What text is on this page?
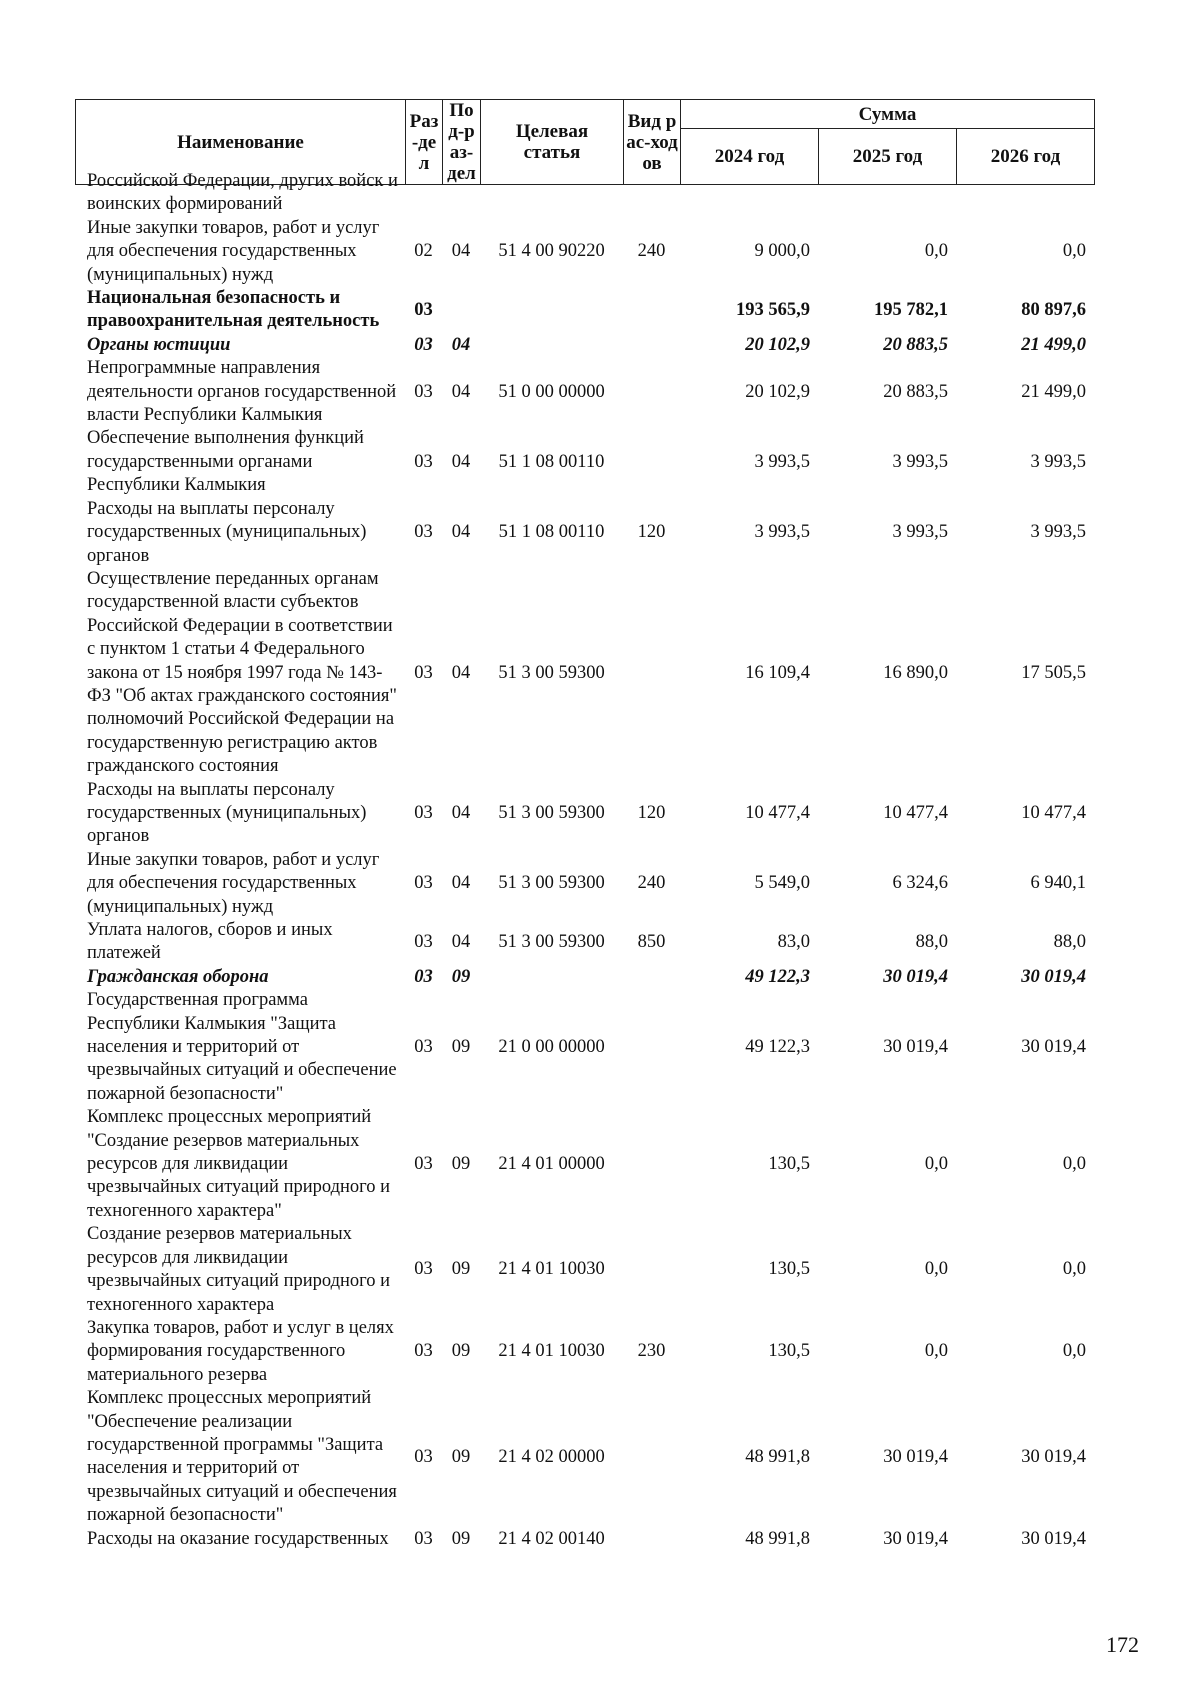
Наименование	Раз-дел	Под-раз-дел	Целевая статья	Вид рас-ходов	Сумма		
					2024 год	2025 год	2026 год
Российской Федерации, других войск и воинских формирований							
Иные закупки товаров, работ и услуг для обеспечения государственных (муниципальных) нужд	02	04	51 4 00 90220	240	9 000,0	0,0	0,0
Национальная безопасность и правоохранительная деятельность	03				193 565,9	195 782,1	80 897,6
Органы юстиции	03	04			20 102,9	20 883,5	21 499,0
Непрограммные направления деятельности органов государственной власти Республики Калмыкия	03	04	51 0 00 00000		20 102,9	20 883,5	21 499,0
Обеспечение выполнения функций государственными органами Республики Калмыкия	03	04	51 1 08 00110		3 993,5	3 993,5	3 993,5
Расходы на выплаты персоналу государственных (муниципальных) органов	03	04	51 1 08 00110	120	3 993,5	3 993,5	3 993,5
Осуществление переданных органам государственной власти субъектов Российской Федерации в соответствии с пунктом 1 статьи 4 Федерального закона от 15 ноября 1997 года № 143-ФЗ "Об актах гражданского состояния" полномочий Российской Федерации на государственную регистрацию актов гражданского состояния	03	04	51 3 00 59300		16 109,4	16 890,0	17 505,5
Расходы на выплаты персоналу государственных (муниципальных) органов	03	04	51 3 00 59300	120	10 477,4	10 477,4	10 477,4
Иные закупки товаров, работ и услуг для обеспечения государственных (муниципальных) нужд	03	04	51 3 00 59300	240	5 549,0	6 324,6	6 940,1
Уплата налогов, сборов и иных платежей	03	04	51 3 00 59300	850	83,0	88,0	88,0
Гражданская оборона	03	09			49 122,3	30 019,4	30 019,4
Государственная программа Республики Калмыкия "Защита населения и территорий от чрезвычайных ситуаций и обеспечение пожарной безопасности"	03	09	21 0 00 00000		49 122,3	30 019,4	30 019,4
Комплекс процессных мероприятий "Создание резервов материальных ресурсов для ликвидации чрезвычайных ситуаций природного и техногенного характера"	03	09	21 4 01 00000		130,5	0,0	0,0
Создание резервов материальных ресурсов для ликвидации чрезвычайных ситуаций природного и техногенного характера	03	09	21 4 01 10030		130,5	0,0	0,0
Закупка товаров, работ и услуг в целях формирования государственного материального резерва	03	09	21 4 01 10030	230	130,5	0,0	0,0
Комплекс процессных мероприятий "Обеспечение реализации государственной программы "Защита населения и территорий от чрезвычайных ситуаций и обеспечения пожарной безопасности"	03	09	21 4 02 00000		48 991,8	30 019,4	30 019,4
Расходы на оказание государственных	03	09	21 4 02 00140		48 991,8	30 019,4	30 019,4
172
